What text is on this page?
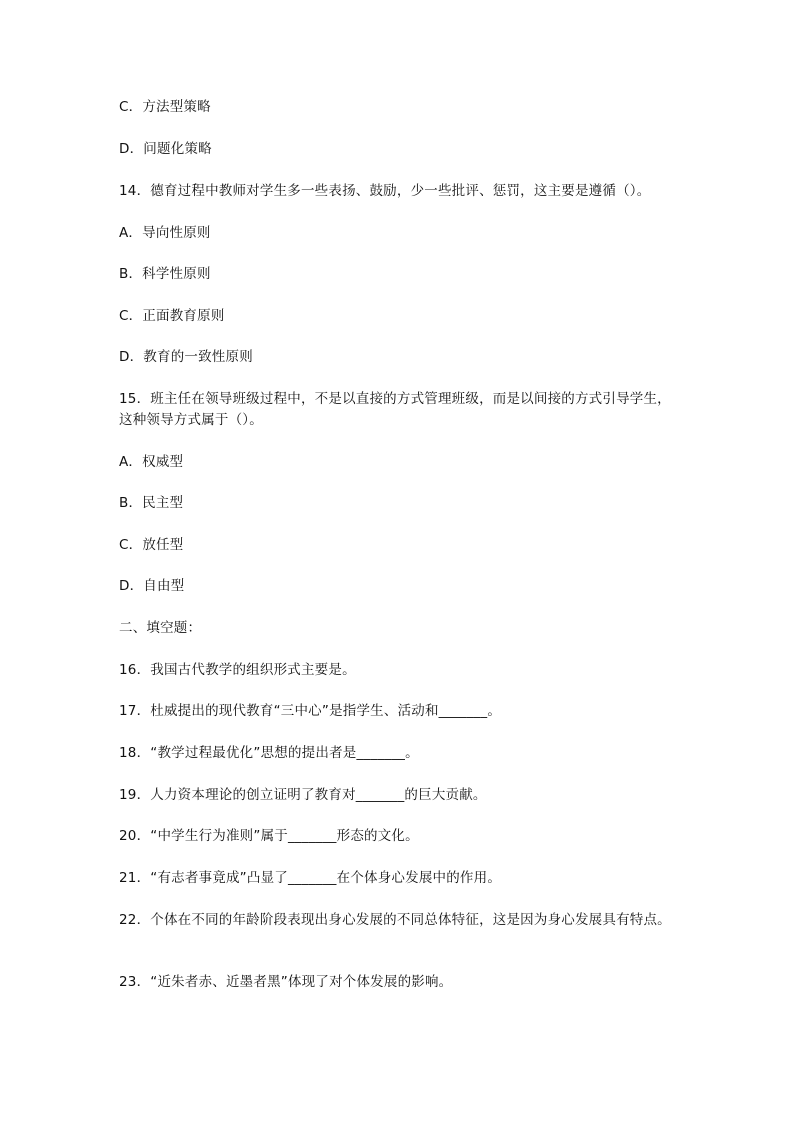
C．方法型策略
D．问题化策略
14．德育过程中教师对学生多一些表扬、鼓励，少一些批评、惩罚，这主要是遵循（）。
A．导向性原则
B．科学性原则
C．正面教育原则
D．教育的一致性原则
15．班主任在领导班级过程中，不是以直接的方式管理班级，而是以间接的方式引导学生，
这种领导方式属于（）。
A．权威型
B．民主型
C．放任型
D．自由型
二、填空题：
16．我国古代教学的组织形式主要是。
17．杜威提出的现代教育“三中心”是指学生、活动和_______。
18．“教学过程最优化”思想的提出者是_______。
19．人力资本理论的创立证明了教育对_______的巨大贡献。
20．“中学生行为准则”属于_______形态的文化。
21．“有志者事竟成”凸显了_______在个体身心发展中的作用。
22．个体在不同的年龄阶段表现出身心发展的不同总体特征，这是因为身心发展具有特点。
23．“近朱者赤、近墨者黑”体现了对个体发展的影响。
